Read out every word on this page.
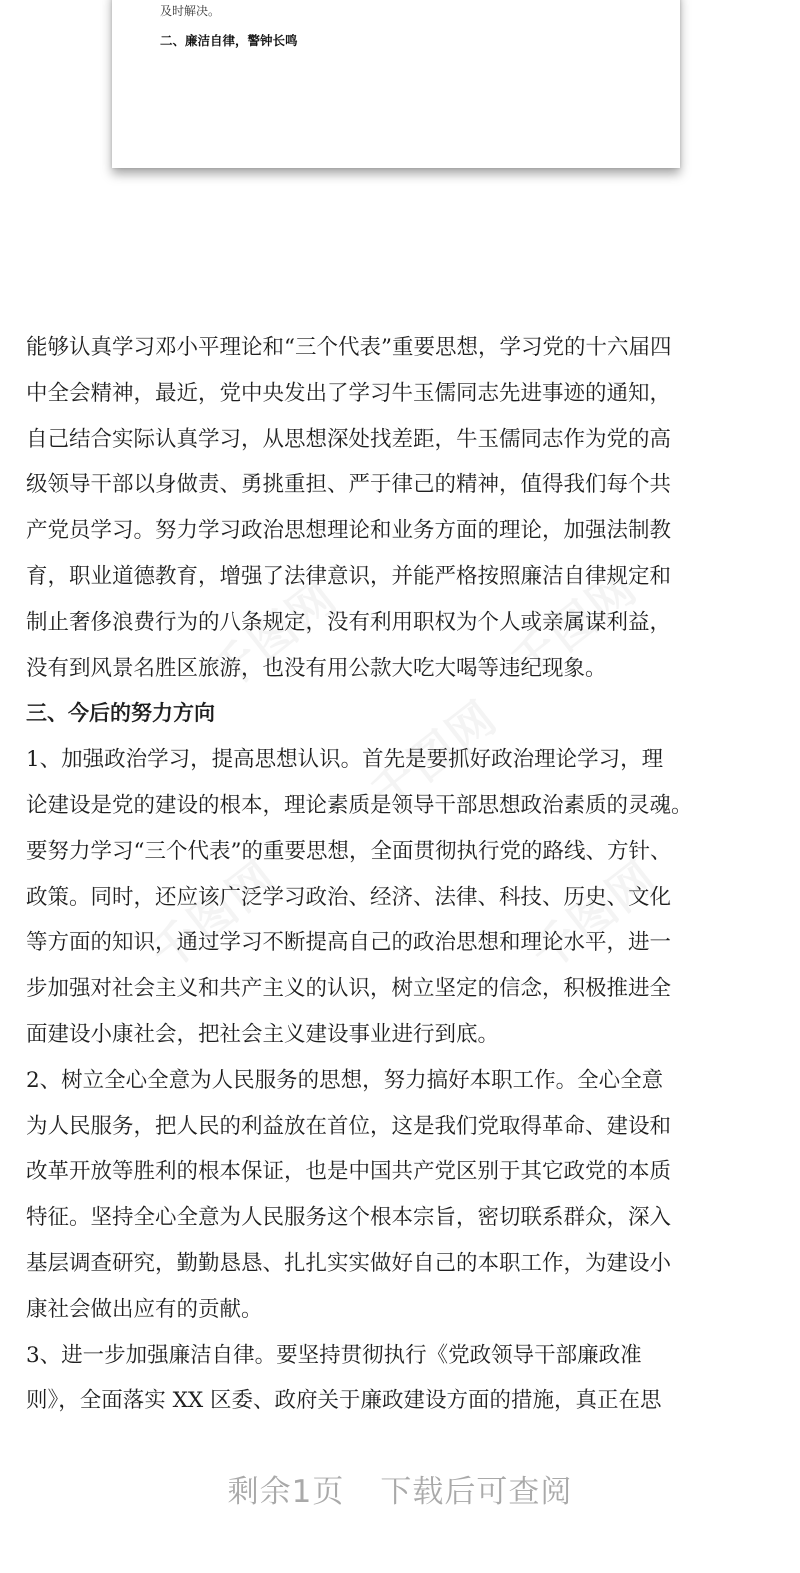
及时解决。
二、廉洁自律，警钟长鸣
能够认真学习邓小平理论和“三个代表”重要思想，学习党的十六届四
中全会精神，最近，党中央发出了学习牛玉儒同志先进事迹的通知，
自己结合实际认真学习，从思想深处找差距，牛玉儒同志作为党的高
级领导干部以身做责、勇挑重担、严于律己的精神，值得我们每个共
产党员学习。努力学习政治思想理论和业务方面的理论，加强法制教
育，职业道德教育，增强了法律意识，并能严格按照廉洁自律规定和
制止奢侈浪费行为的八条规定，没有利用职权为个人或亲属谋利益，
没有到风景名胜区旅游，也没有用公款大吃大喝等违纪现象。
三、今后的努力方向
1、加强政治学习，提高思想认识。首先是要抓好政治理论学习，理
论建设是党的建设的根本，理论素质是领导干部思想政治素质的灵魂。
要努力学习“三个代表”的重要思想，全面贯彻执行党的路线、方针、
政策。同时，还应该广泛学习政治、经济、法律、科技、历史、文化
等方面的知识，通过学习不断提高自己的政治思想和理论水平，进一
步加强对社会主义和共产主义的认识，树立坚定的信念，积极推进全
面建设小康社会，把社会主义建设事业进行到底。
2、树立全心全意为人民服务的思想，努力搞好本职工作。全心全意
为人民服务，把人民的利益放在首位，这是我们党取得革命、建设和
改革开放等胜利的根本保证，也是中国共产党区别于其它政党的本质
特征。坚持全心全意为人民服务这个根本宗旨，密切联系群众，深入
基层调查研究，勤勤恳恳、扎扎实实做好自己的本职工作，为建设小
康社会做出应有的贡献。
3、进一步加强廉洁自律。要坚持贯彻执行《党政领导干部廉政准
则》，全面落实 XX 区委、政府关于廉政建设方面的措施，真正在思
剩余1页 下载后可查阅
